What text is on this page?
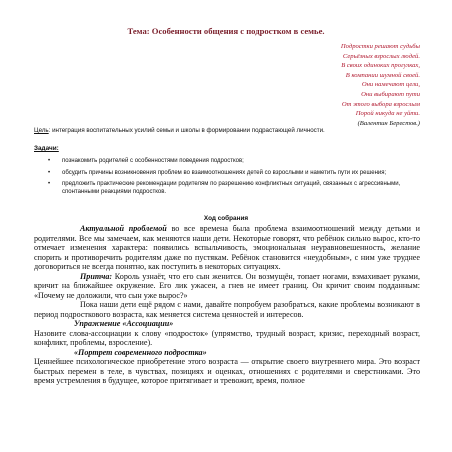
Тема: Особенности общения с подростком в семье.
Подростки решают судьбы
Серьёзных взрослых людей.
В своих одиноких прогулках,
В компании шумной своей.
Они намечают цели,
Они выбирают пути
От этого выбора взрослым
Порой никуда не уйти.
(Валентин Берестов.)
Цель: интеграция воспитательных усилий семьи и школы в формировании подрастающей личности.
Задачи:
• познакомить родителей с особенностями поведения подростков;
• обсудить причины возникновения проблем во взаимоотношениях детей со взрослыми и наметить пути их решения;
• предложить практические рекомендации родителям по разрешению конфликтных ситуаций, связанных с агрессивными, спонтанными реакциями подростков.
Ход собрания

Актуальной проблемой во все времена была проблема взаимоотношений между детьми и родителями. Все мы замечаем, как меняются наши дети. Некоторые говорят, что ребёнок сильно вырос, кто-то отмечает изменения характера: появились вспыльчивость, эмоциональная неуравновешенность, желание спорить и противоречить родителям даже по пустякам. Ребёнок становится «неудобным», с ним уже труднее договориться не всегда понятно, как поступить в некоторых ситуациях.

Притча: Король узнаёт, что его сын женится. Он возмущён, топает ногами, взмахивает руками, кричит на ближайшее окружение. Его лик ужасен, а гнев не имеет границ. Он кричит своим подданным: «Почему не доложили, что сын уже вырос?»

Пока наши дети ещё рядом с нами, давайте попробуем разобраться, какие проблемы возникают в период подросткового возраста, как меняется система ценностей и интересов.

Упражнение «Ассоциации»

Назовите слова-ассоциации к слову «подросток» (упрямство, трудный возраст, кризис, переходный возраст, конфликт, проблемы, взросление).

«Портрет современного подростка»

Ценнейшее психологическое приобретение этого возраста — открытие своего внутреннего мира. Это возраст быстрых перемен в теле, в чувствах, позициях и оценках, отношениях с родителями и сверстниками. Это время устремления в будущее, которое притягивает и тревожит, время, полное
